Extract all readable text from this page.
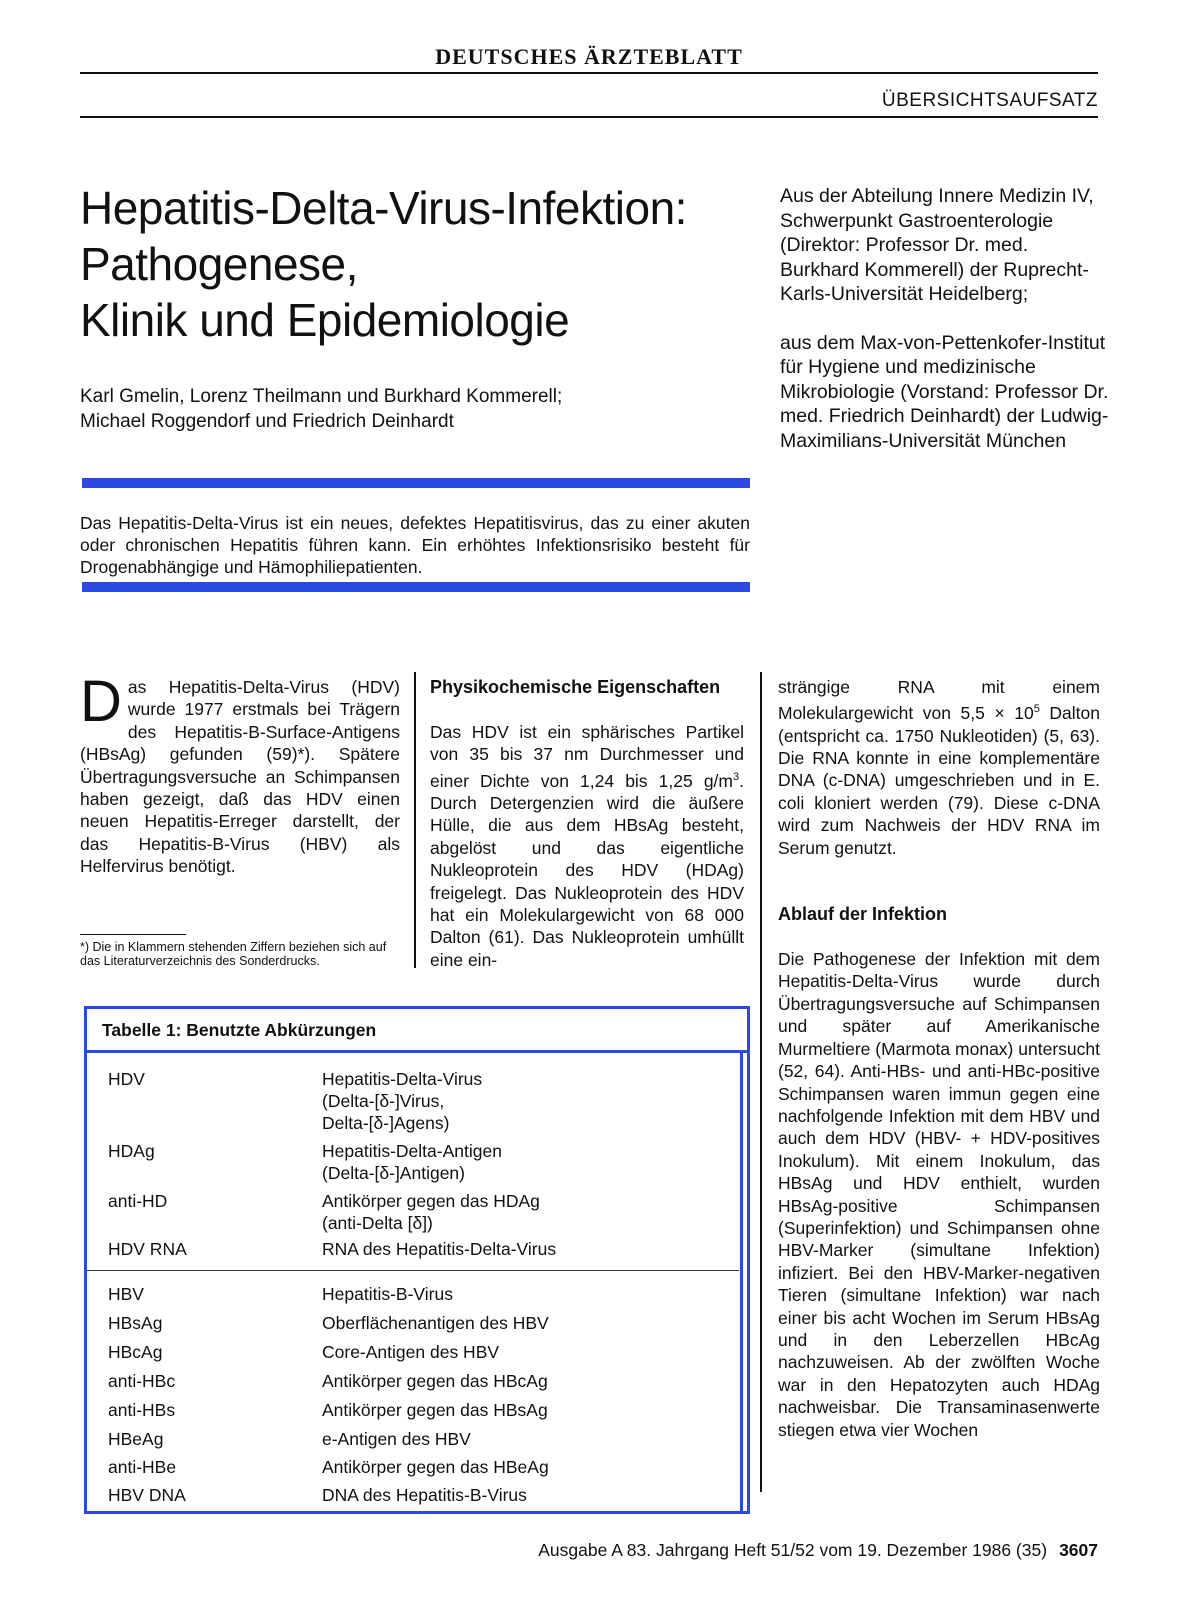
DEUTSCHES ÄRZTEBLATT
ÜBERSICHTSAUFSATZ
Hepatitis-Delta-Virus-Infektion:
Pathogenese,
Klinik und Epidemiologie
Karl Gmelin, Lorenz Theilmann und Burkhard Kommerell;
Michael Roggendorf und Friedrich Deinhardt

Aus der Abteilung Innere Medizin IV, Schwerpunkt Gastroenterologie (Direktor: Professor Dr. med. Burkhard Kommerell) der Ruprecht-Karls-Universität Heidelberg;

aus dem Max-von-Pettenkofer-Institut für Hygiene und medizinische Mikrobiologie (Vorstand: Professor Dr. med. Friedrich Deinhardt) der Ludwig-Maximilians-Universität München

Das Hepatitis-Delta-Virus ist ein neues, defektes Hepatitisvirus, das zu einer akuten oder chronischen Hepatitis führen kann. Ein erhöhtes Infektionsrisiko besteht für Drogenabhängige und Hämophiliepatienten.
D as Hepatitis-Delta-Virus (HDV) wurde 1977 erstmals bei Trägern des Hepatitis-B-Surface-Antigens (HBsAg) gefunden (59)*). Spätere Übertragungsversuche an Schimpansen haben gezeigt, daß das HDV einen neuen Hepatitis-Erreger darstellt, der das Hepatitis-B-Virus (HBV) als Helfervirus benötigt.

*) Die in Klammern stehenden Ziffern beziehen sich auf das Literaturverzeichnis des Sonderdrucks.
Physikochemische Eigenschaften

Das HDV ist ein sphärisches Partikel von 35 bis 37 nm Durchmesser und einer Dichte von 1,24 bis 1,25 $g/m^3$. Durch Detergenzien wird die äußere Hülle, die aus dem HBsAg besteht, abgelöst und das eigentliche Nukleoprotein des HDV (HDAg) freigelegt. Das Nukleoprotein des HDV hat ein Molekulargewicht von 68 000 Dalton (61). Das Nukleoprotein umhüllt eine ein-

strängige RNA mit einem Molekulargewicht von $5,5 \times 10^5$ Dalton (entspricht ca. 1750 Nukleotiden) (5, 63). Die RNA konnte in eine komplementäre DNA (c-DNA) umgeschrieben und in E. coli kloniert werden (79). Diese c-DNA wird zum Nachweis der HDV RNA im Serum genutzt.

Ablauf der Infektion

Die Pathogenese der Infektion mit dem Hepatitis-Delta-Virus wurde durch Übertragungsversuche auf Schimpansen und später auf Amerikanische Murmeltiere (Marmota monax) untersucht (52, 64). Anti-HBs- und anti-HBc-positive Schimpansen waren immun gegen eine nachfolgende Infektion mit dem HBV und auch dem HDV (HBV- + HDV-positives Inokulum). Mit einem Inokulum, das HBsAg und HDV enthielt, wurden HBsAg-positive Schimpansen (Superinfektion) und Schimpansen ohne HBV-Marker (simultane Infektion) infiziert. Bei den HBV-Marker-negativen Tieren (simultane Infektion) war nach einer bis acht Wochen im Serum HBsAg und in den Leberzellen HBcAg nachzuweisen. Ab der zwölften Woche war in den Hepatozyten auch HDAg nachweisbar. Die Transaminasenwerte stiegen etwa vier Wochen

Tabelle 1: Benutzte Abkürzungen
HDV	Hepatitis-Delta-Virus
(Delta-[δ-]Virus,
Delta-[δ-]Agens)
HDAg	Hepatitis-Delta-Antigen
(Delta-[δ-]Antigen)
anti-HD	Antikörper gegen das HDAg
(anti-Delta [δ])
HDV RNA	RNA des Hepatitis-Delta-Virus
HBV	Hepatitis-B-Virus
HBsAg	Oberflächenantigen des HBV
HBcAg	Core-Antigen des HBV
anti-HBc	Antikörper gegen das HBcAg
anti-HBs	Antikörper gegen das HBsAg
HBeAg	e-Antigen des HBV
anti-HBe	Antikörper gegen das HBeAg
HBV DNA	DNA des Hepatitis-B-Virus
Ausgabe A 83. Jahrgang Heft 51/52 vom 19. Dezember 1986 (35) 3607
